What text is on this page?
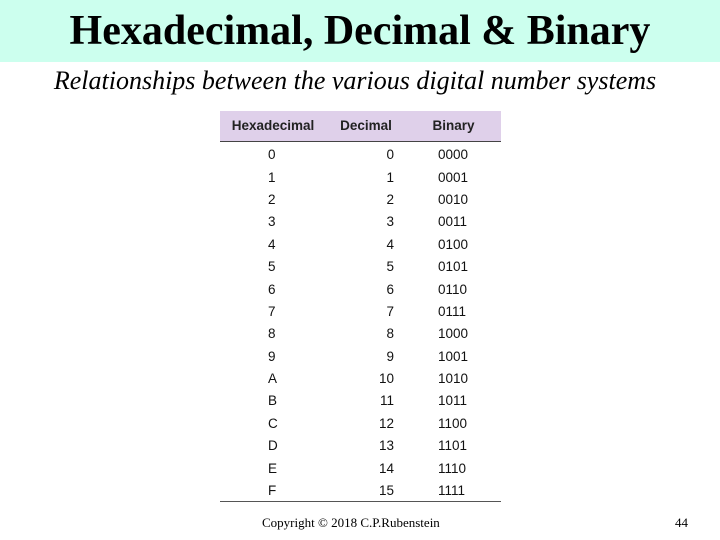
Hexadecimal, Decimal & Binary
Relationships between the various digital number systems
Hexadecimal	Decimal	Binary

0	0	0000
1	1	0001
2	2	0010
3	3	0011
4	4	0100
5	5	0101
6	6	0110
7	7	0111
8	8	1000
9	9	1001
A	10	1010
B	11	1011
C	12	1100
D	13	1101
E	14	1110
F	15	1111
Copyright © 2018 C.P.Rubenstein	44
